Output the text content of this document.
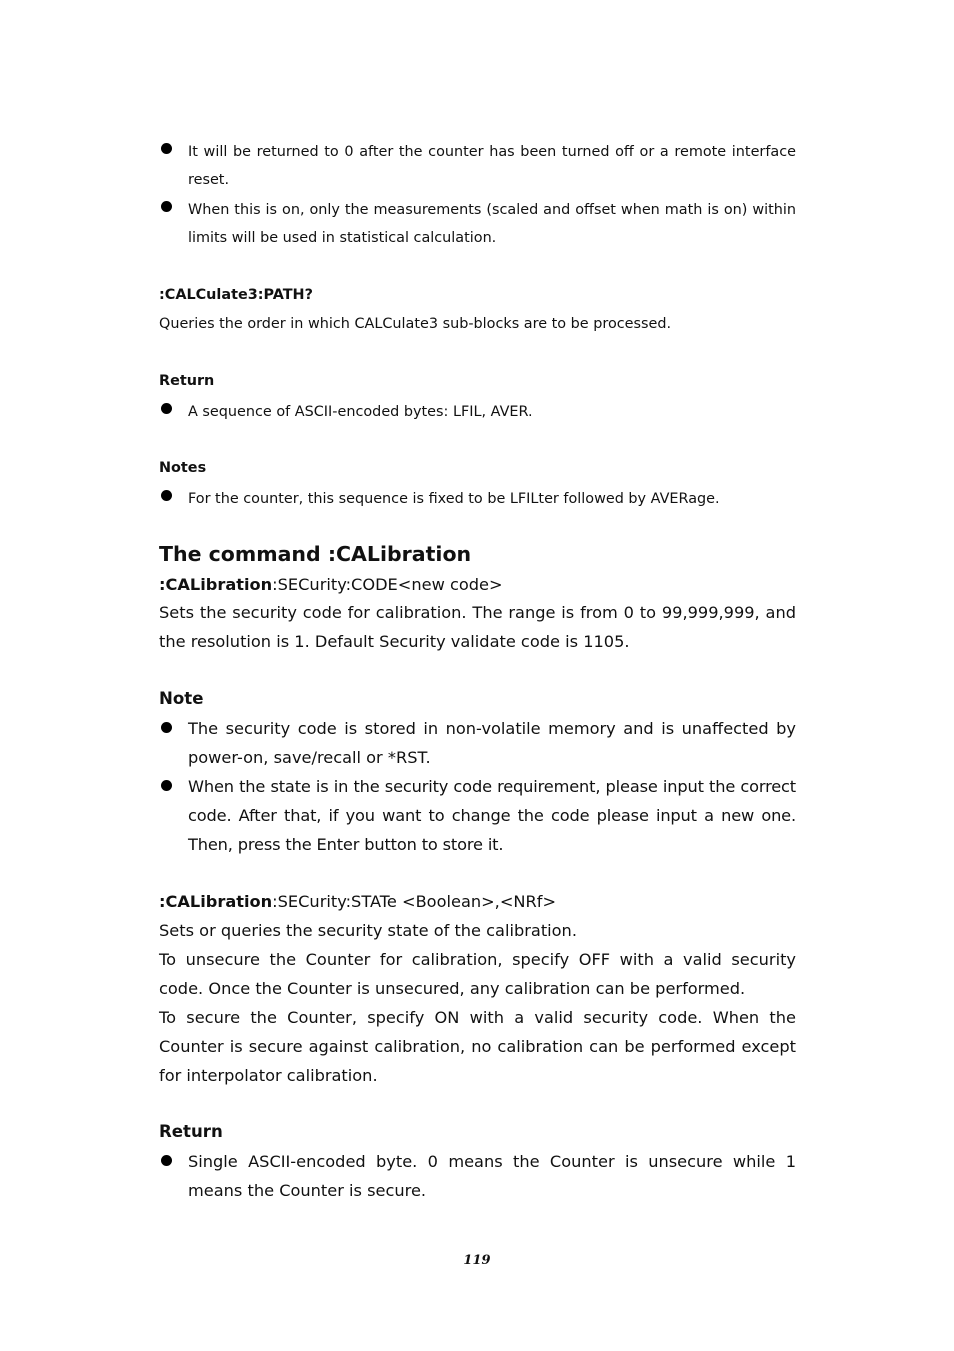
It will be returned to 0 after the counter has been turned off or a remote interface reset.
When this is on, only the measurements (scaled and offset when math is on) within limits will be used in statistical calculation.
:CALCulate3:PATH?
Queries the order in which CALCulate3 sub-blocks are to be processed.
Return
A sequence of ASCII-encoded bytes: LFIL, AVER.
Notes
For the counter, this sequence is fixed to be LFILter followed by AVERage.
The command :CALibration
:CALibration:SECurity:CODE<new code>
Sets the security code for calibration. The range is from 0 to 99,999,999, and the resolution is 1. Default Security validate code is 1105.
Note
The security code is stored in non-volatile memory and is unaffected by power-on, save/recall or *RST.
When the state is in the security code requirement, please input the correct code. After that, if you want to change the code please input a new one. Then, press the Enter button to store it.
:CALibration:SECurity:STATe <Boolean>,<NRf>
Sets or queries the security state of the calibration.
To unsecure the Counter for calibration, specify OFF with a valid security code. Once the Counter is unsecured, any calibration can be performed.
To secure the Counter, specify ON with a valid security code. When the Counter is secure against calibration, no calibration can be performed except for interpolator calibration.
Return
Single ASCII-encoded byte. 0 means the Counter is unsecure while 1 means the Counter is secure.
119
